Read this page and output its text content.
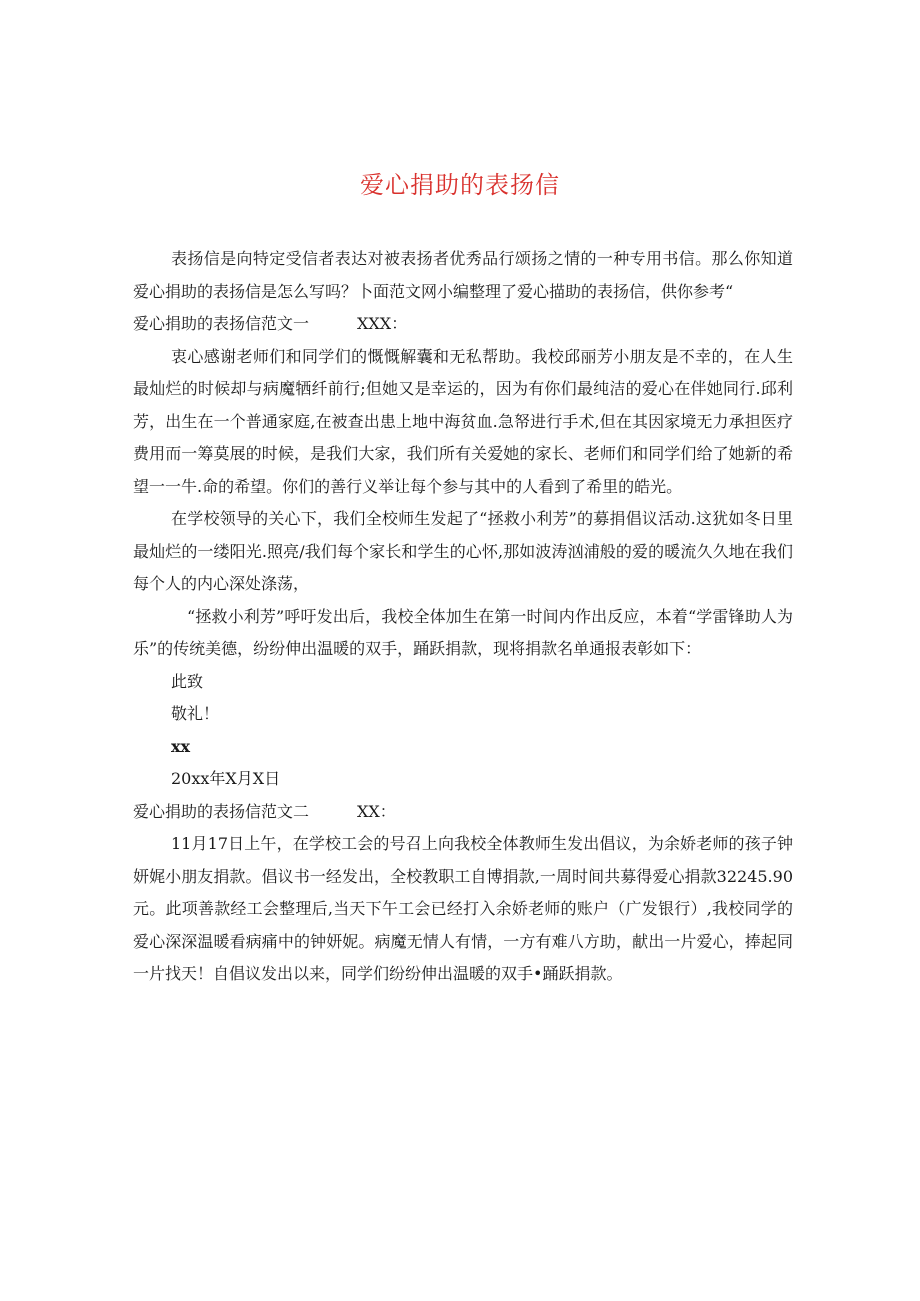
爱心捐助的表扬信

表扬信是向特定受信者表达对被表扬者优秀品行颂扬之情的一种专用书信。那么你知道爱心捐助的表扬信是怎么写吗？卜面范文网小编整理了爱心描助的表扬信，供你参考“

爱心捐助的表扬信范文一	XXX：

衷心感谢老师们和同学们的慨慨解囊和无私帮助。我校邱丽芳小朋友是不幸的，在人生最灿烂的时候却与病魔牺纤前行;但她又是幸运的，因为有你们最纯洁的爱心在伴她同行.邱利芳，出生在一个普通家庭,在被查出患上地中海贫血.急帑进行手术,但在其因家境无力承担医疗费用而一筹莫展的时候，是我们大家，我们所有关爱她的家长、老师们和同学们给了她新的希望一一牛.命的希望。你们的善行义举让每个参与其中的人看到了希里的皓光。

在学校领导的关心下，我们全校师生发起了“拯救小利芳”的募捐倡议活动.这犹如冬日里最灿烂的一缕阳光.照亮/我们每个家长和学生的心怀,那如波涛汹浦般的爱的暖流久久地在我们每个人的内心深处涤荡，

“拯救小利芳”呼吁发出后，我校全体加生在第一时间内作出反应，本着“学雷锋助人为乐”的传统美德，纷纷伸出温暖的双手，踊跃捐款，现将捐款名单通报表彰如下：

此致

敬礼！

xx

20xx年X月X日

爱心捐助的表扬信范文二	XX：

11月17日上午，在学校工会的号召上向我校全体教师生发出倡议，为余娇老师的孩子钟妍娓小朋友捐款。倡议书一经发出，全校教职工自博捐款,一周时间共募得爱心捐款32245.90元。此项善款经工会整理后,当天下午工会已经打入余娇老师的账户（广发银行）,我校同学的爱心深深温暖看病痛中的钟妍妮。病魔无情人有情，一方有难八方助，献出一片爱心，捧起同一片找天！自倡议发出以来，同学们纷纷伸出温暖的双手•踊跃捐款。
